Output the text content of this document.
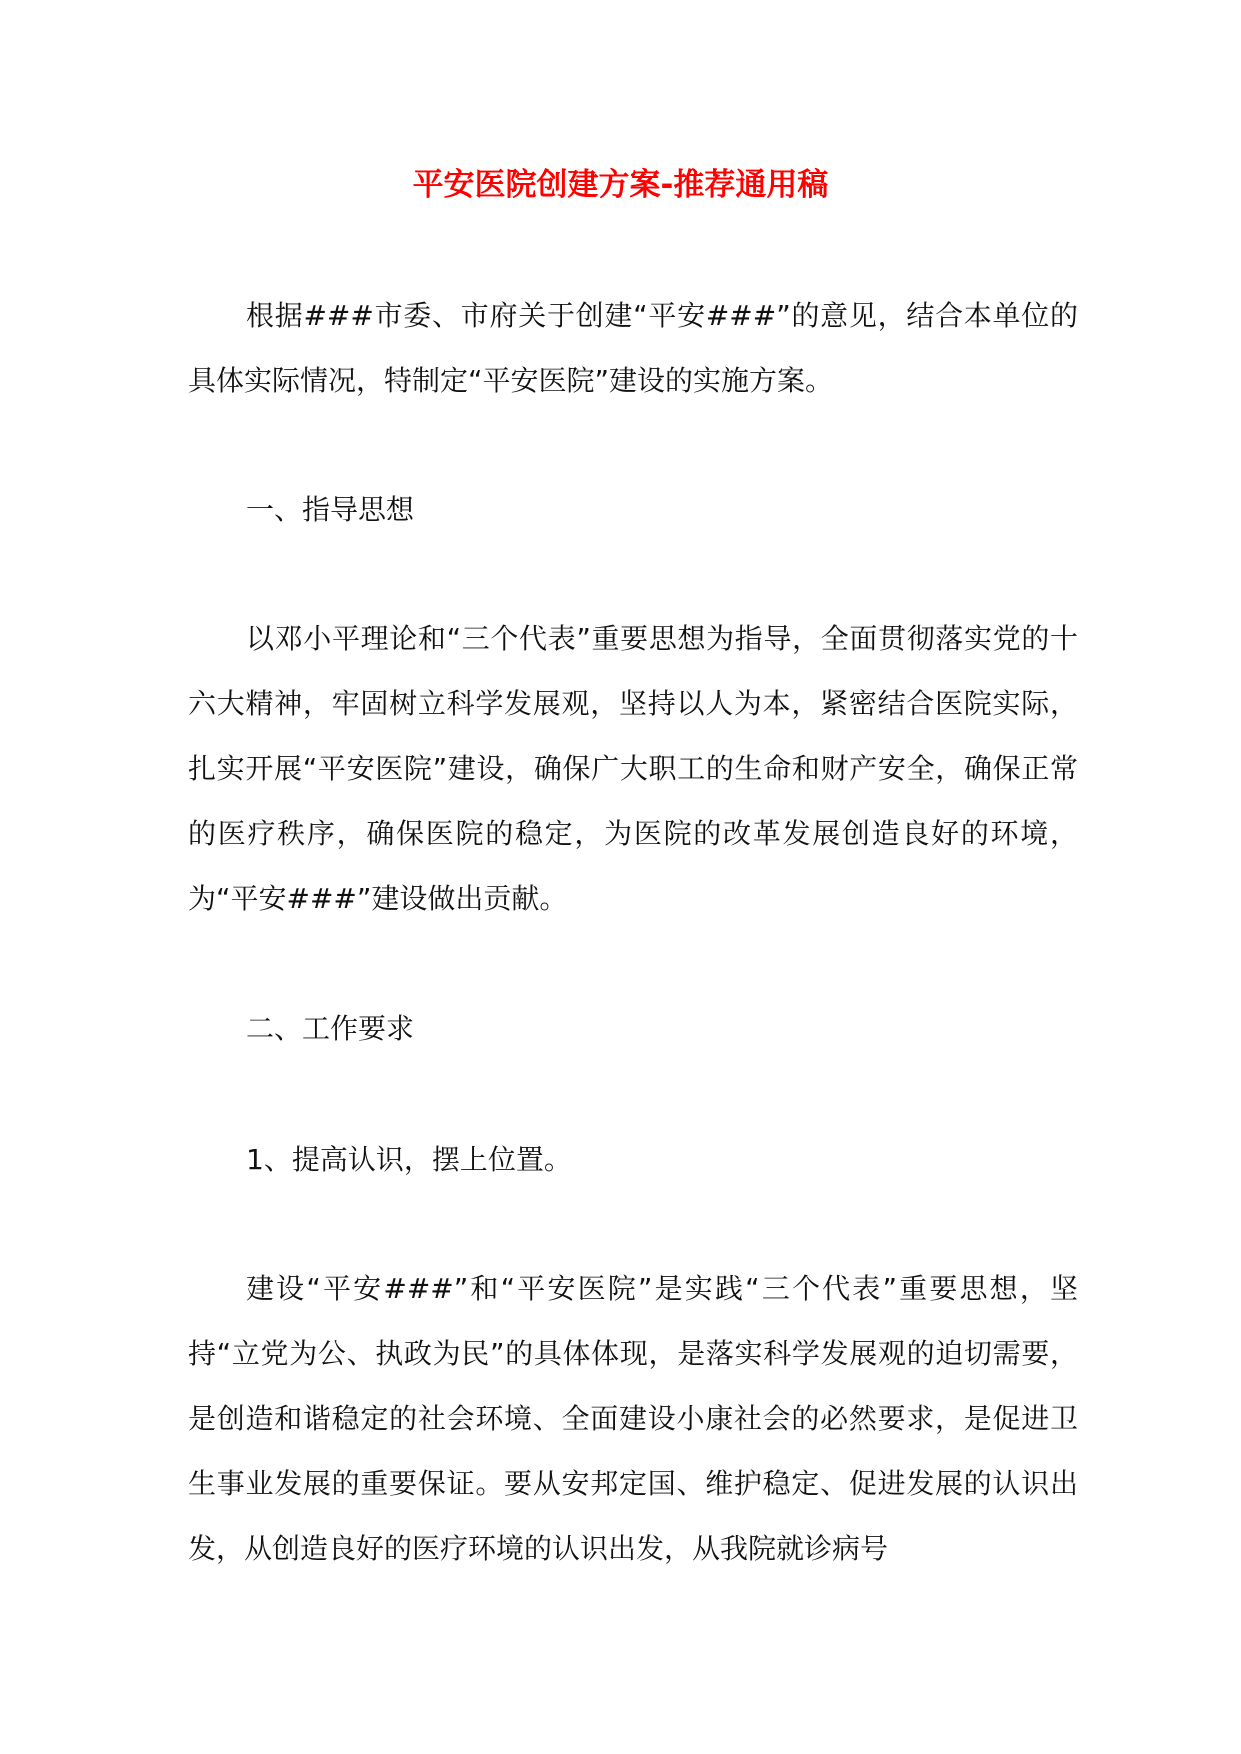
平安医院创建方案-推荐通用稿

根据###市委、市府关于创建“平安###”的意见，结合本单位的具体实际情况，特制定“平安医院”建设的实施方案。

一、指导思想

以邓小平理论和“三个代表”重要思想为指导，全面贯彻落实党的十六大精神，牢固树立科学发展观，坚持以人为本，紧密结合医院实际，扎实开展“平安医院”建设，确保广大职工的生命和财产安全，确保正常的医疗秩序，确保医院的稳定，为医院的改革发展创造良好的环境，为“平安###”建设做出贡献。

二、工作要求

1、提高认识，摆上位置。

建设“平安###”和“平安医院”是实践“三个代表”重要思想，坚持“立党为公、执政为民”的具体体现，是落实科学发展观的迫切需要，是创造和谐稳定的社会环境、全面建设小康社会的必然要求，是促进卫生事业发展的重要保证。要从安邦定国、维护稳定、促进发展的认识出发，从创造良好的医疗环境的认识出发，从我院就诊病号
